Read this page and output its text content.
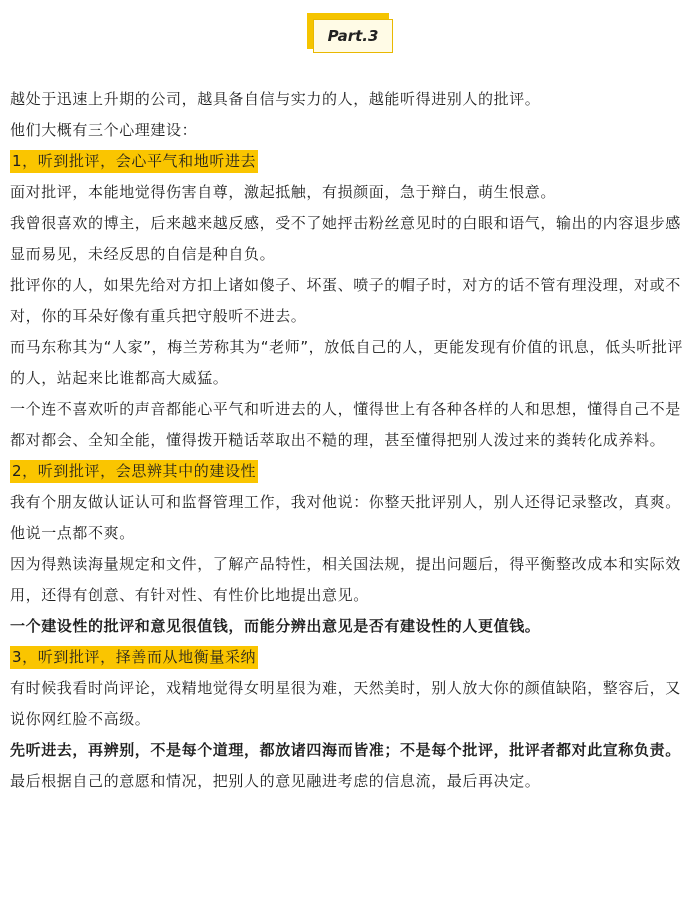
Part.3

越处于迅速上升期的公司，越具备自信与实力的人，越能听得进别人的批评。

他们大概有三个心理建设：

1，听到批评，会心平气和地听进去

面对批评，本能地觉得伤害自尊，激起抵触，有损颜面，急于辩白，萌生恨意。

我曾很喜欢的博主，后来越来越反感，受不了她抨击粉丝意见时的白眼和语气，输出的内容退步感显而易见，未经反思的自信是种自负。

批评你的人，如果先给对方扣上诸如傻子、坏蛋、喷子的帽子时，对方的话不管有理没理，对或不对，你的耳朵好像有重兵把守般听不进去。

而马东称其为“人家”，梅兰芳称其为“老师”，放低自己的人，更能发现有价值的讯息，低头听批评的人，站起来比谁都高大威猛。

一个连不喜欢听的声音都能心平气和听进去的人，懂得世上有各种各样的人和思想，懂得自己不是都对都会、全知全能，懂得拨开糙话萃取出不糙的理，甚至懂得把别人泼过来的粪转化成养料。

2，听到批评，会思辨其中的建设性

我有个朋友做认证认可和监督管理工作，我对他说：你整天批评别人，别人还得记录整改，真爽。

他说一点都不爽。

因为得熟读海量规定和文件，了解产品特性，相关国法规，提出问题后，得平衡整改成本和实际效用，还得有创意、有针对性、有性价比地提出意见。

一个建设性的批评和意见很值钱，而能分辨出意见是否有建设性的人更值钱。

3，听到批评，择善而从地衡量采纳

有时候我看时尚评论，戏精地觉得女明星很为难，天然美时，别人放大你的颜值缺陷，整容后，又说你网红脸不高级。

先听进去，再辨别，不是每个道理，都放诸四海而皆准；不是每个批评，批评者都对此宣称负责。

最后根据自己的意愿和情况，把别人的意见融进考虑的信息流，最后再决定。
